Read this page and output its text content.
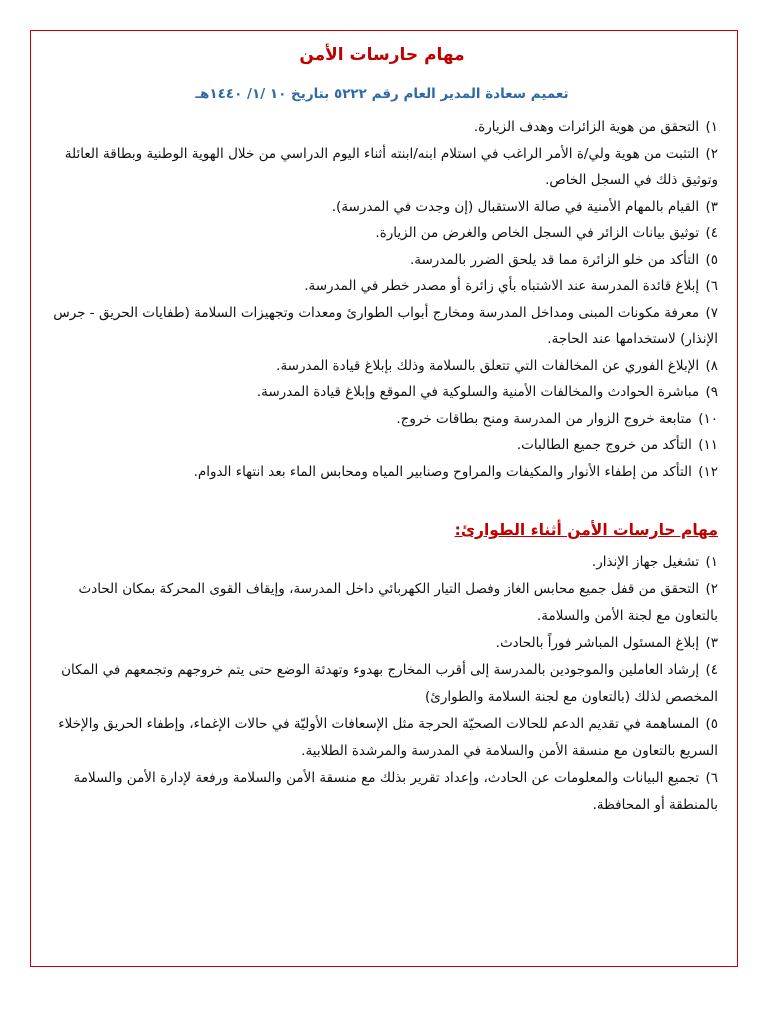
مهام حارسات الأمن
تعميم سعادة المدير العام رقم ٥٢٢٢ بتاريخ ١٠ /١/ ١٤٤٠هـ
١) التحقق من هوية الزائرات وهدف الزيارة.
٢) التثبت من هوية ولي/ة الأمر الراغب في استلام ابنه/ابنته أثناء اليوم الدراسي من خلال الهوية الوطنية وبطاقة العائلة وتوثيق ذلك في السجل الخاص.
٣) القيام بالمهام الأمنية في صالة الاستقبال (إن وجدت في المدرسة).
٤) توثيق بيانات الزائر في السجل الخاص والغرض من الزيارة.
٥) التأكد من خلو الزائرة مما قد يلحق الضرر بالمدرسة.
٦) إبلاغ قائدة المدرسة عند الاشتباه بأي زائرة أو مصدر خطر في المدرسة.
٧) معرفة مكونات المبنى ومداخل المدرسة ومخارج أبواب الطوارئ ومعدات وتجهيزات السلامة (طفايات الحريق - جرس الإنذار) لاستخدامها عند الحاجة.
٨) الإبلاغ الفوري عن المخالفات التي تتعلق بالسلامة وذلك بإبلاغ قيادة المدرسة.
٩) مباشرة الحوادث والمخالفات الأمنية والسلوكية في الموقع وإبلاغ قيادة المدرسة.
١٠) متابعة خروج الزوار من المدرسة ومنح بطاقات خروج.
١١) التأكد من خروج جميع الطالبات.
١٢) التأكد من إطفاء الأنوار والمكيفات والمراوح وصنابير المياه ومحابس الماء بعد انتهاء الدوام.
مهام حارسات الأمن أثناء الطوارئ:
١) تشغيل جهاز الإنذار.
٢) التحقق من قفل جميع محابس الغاز وفصل التيار الكهربائي داخل المدرسة، وإيقاف القوى المحركة بمكان الحادث بالتعاون مع لجنة الأمن والسلامة.
٣) إبلاغ المسئول المباشر فوراً بالحادث.
٤) إرشاد العاملين والموجودين بالمدرسة إلى أقرب المخارج بهدوء وتهدئة الوضع حتى يتم خروجهم وتجمعهم في المكان المخصص لذلك (بالتعاون مع لجنة السلامة والطوارئ)
٥) المساهمة في تقديم الدعم للحالات الصحيّة الحرجة مثل الإسعافات الأوليّة في حالات الإغماء، وإطفاء الحريق والإخلاء السريع بالتعاون مع منسقة الأمن والسلامة في المدرسة والمرشدة الطلابية.
٦) تجميع البيانات والمعلومات عن الحادث، وإعداد تقرير بذلك مع منسقة الأمن والسلامة ورفعة لإدارة الأمن والسلامة بالمنطقة أو المحافظة.
